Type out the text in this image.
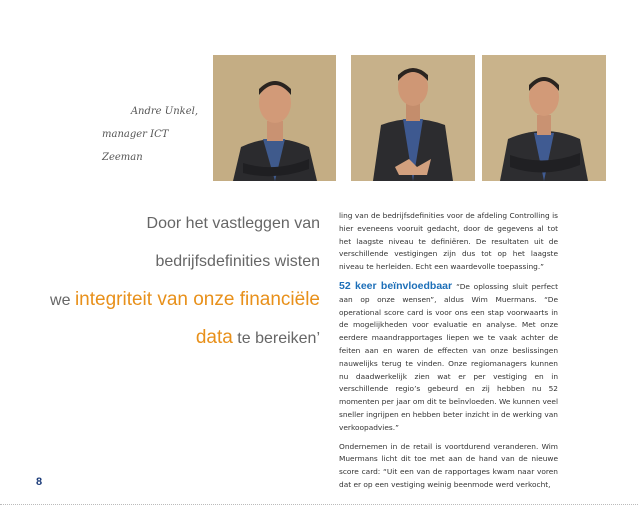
Andre Unkel,
manager ICT Zeeman
Door het vastleggen van
bedrijfsdefinities wisten
we integriteit van onze financiële
data te bereiken’

ling van de bedrijfsdefinities voor de afdeling Controlling is hier eveneens vooruit gedacht, door de gegevens al tot het laagste niveau te definiëren. De resultaten uit de verschillende vestigingen zijn dus tot op het laagste niveau te herleiden. Echt een waardevolle toepassing.”

52 keer beïnvloedbaar “De oplossing sluit perfect aan op onze wensen”, aldus Wim Muermans. “De operational score card is voor ons een stap voorwaarts in de mogelijkheden voor evaluatie en analyse. Met onze eerdere maandrapportages liepen we te vaak achter de feiten aan en waren de effecten van onze beslissingen nauwelijks terug te vinden. Onze regiomanagers kunnen nu daadwerkelijk zien wat er per vestiging en in verschillende regio’s gebeurd en zij hebben nu 52 momenten per jaar om dit te beïnvloeden. We kunnen veel sneller ingrijpen en hebben beter inzicht in de werking van verkoopadvies.”

Ondernemen in de retail is voortdurend veranderen. Wim Muermans licht dit toe met aan de hand van de nieuwe score card: “Uit een van de rapportages kwam naar voren dat er op een vestiging weinig beenmode werd verkocht,

8
